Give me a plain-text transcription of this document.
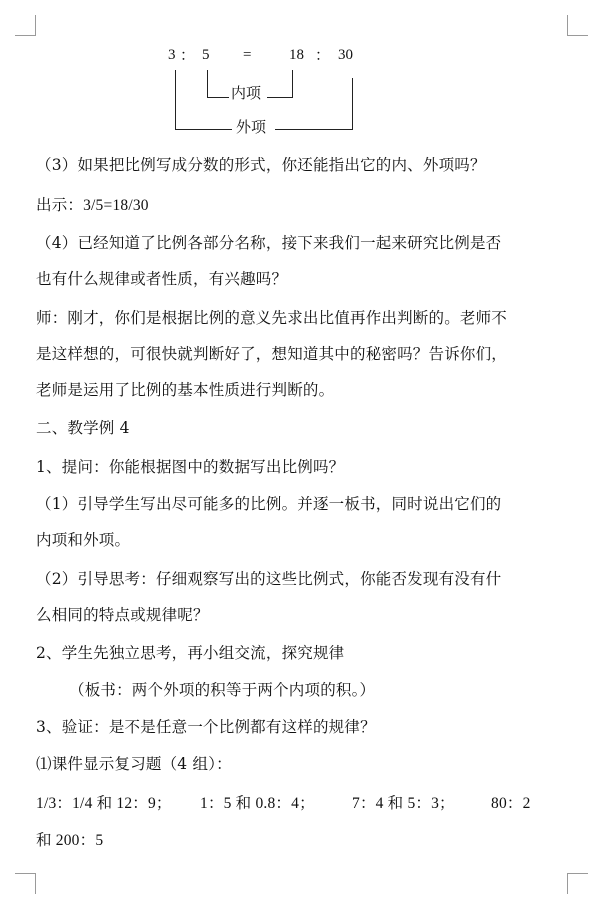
3 ： 5 =	18 ： 30
内项
外项
（3）如果把比例写成分数的形式，你还能指出它的内、外项吗？
出示：3/5=18/30
（4）已经知道了比例各部分名称，接下来我们一起来研究比例是否
也有什么规律或者性质，有兴趣吗？
师：刚才，你们是根据比例的意义先求出比值再作出判断的。老师不
是这样想的，可很快就判断好了，想知道其中的秘密吗？告诉你们，
老师是运用了比例的基本性质进行判断的。
二、教学例 4
1、提问：你能根据图中的数据写出比例吗？
（1）引导学生写出尽可能多的比例。并逐一板书，同时说出它们的
内项和外项。
（2）引导思考：仔细观察写出的这些比例式，你能否发现有没有什
么相同的特点或规律呢？
2、学生先独立思考，再小组交流，探究规律
（板书：两个外项的积等于两个内项的积。）
3、验证：是不是任意一个比例都有这样的规律？
⑴课件显示复习题（4 组）：
1/3：1/4 和 12：9； 1：5 和 0.8：4； 7：4 和 5：3； 80：2
和 200：5
